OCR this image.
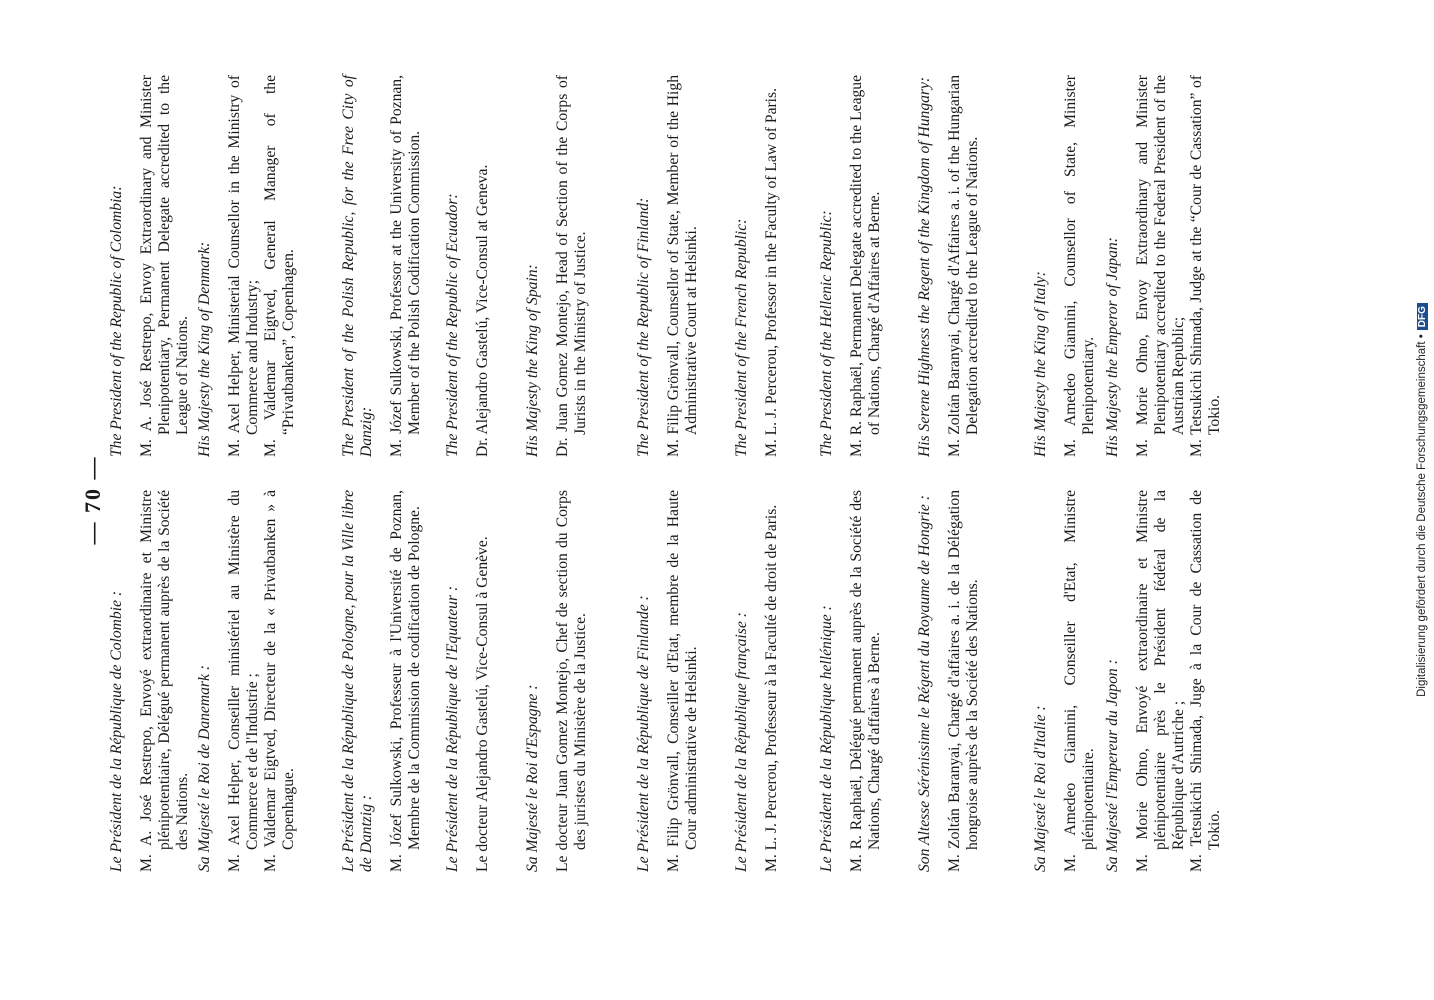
— 70 —

Le Président de la République de Colombie : M. A. José Restrepo, Envoyé extraordinaire et Ministre plénipotentiaire, Délégué permanent auprès de la Société des Nations. Sa Majesté le Roi de Danemark : M. Axel Helper, Conseiller ministériel au Ministère du Commerce et de l'Industrie ; M. Valdemar Eigtved, Directeur de la « Privatbanken » à Copenhague.	Le Président de la République de Pologne, pour la Ville libre de Dantzig : M. Józef Sulkowski, Professeur à l'Université de Poznan, Membre de la Commission de codification de Pologne. Le Président de la République de l'Equateur : Le docteur Alejandro Gastelú, Vice-Consul à Genève. Sa Majesté le Roi d'Espagne : Le docteur Juan Gomez Montejo, Chef de section du Corps des juristes du Ministère de la Justice.	Le Président de la République de Finlande : M. Filip Grönvall, Conseiller d'Etat, membre de la Haute Cour administrative de Helsinki. Le Président de la République française : M. L. J. Percerou, Professeur à la Faculté de droit de Paris. Le Président de la République hellénique : M. R. Raphaël, Délégué permanent auprès de la Société des Nations, Chargé d'affaires à Berne. Son Altesse Sérénissime le Régent du Royaume de Hongrie : M. Zoltán Baranyai, Chargé d'affaires a. i. de la Délégation hongroise auprès de la Société des Nations.	Sa Majesté le Roi d'Italie : M. Amedeo Giannini, Conseiller d'Etat, Ministre plénipotentiaire. Sa Majesté l'Empereur du Japon : M. Morie Ohno, Envoyé extraordinaire et Ministre plénipotentiaire près le Président fédéral de la République d'Autriche ; M. Tetsukichi Shimada, Juge à la Cour de Cassation de Tokio.

The President of the Republic of Colombia: M. A. José Restrepo, Envoy Extraordinary and Minister Plenipotentiary, Permanent Delegate accredited to the League of Nations. His Majesty the King of Denmark: M. Axel Helper, Ministerial Counsellor in the Ministry of Commerce and Industry; M. Valdemar Eigtved, General Manager of the “Privatbanken”, Copenhagen.	The President of the Polish Republic, for the Free City of Danzig: M. Józef Sulkowski, Professor at the University of Poznan, Member of the Polish Codification Commission. The President of the Republic of Ecuador: Dr. Alejandro Gastelú, Vice-Consul at Geneva. His Majesty the King of Spain: Dr. Juan Gomez Montejo, Head of Section of the Corps of Jurists in the Ministry of Justice.	The President of the Republic of Finland: M. Filip Grönvall, Counsellor of State, Member of the High Administrative Court at Helsinki. The President of the French Republic: M. L. J. Percerou, Professor in the Faculty of Law of Paris. The President of the Hellenic Republic: M. R. Raphaël, Permanent Delegate accredited to the League of Nations, Chargé d'Affaires at Berne. His Serene Highness the Regent of the Kingdom of Hungary: M. Zoltán Baranyai, Chargé d'Affaires a. i. of the Hungarian Delegation accredited to the League of Nations.	His Majesty the King of Italy: M. Amedeo Giannini, Counsellor of State, Minister Plenipotentiary. His Majesty the Emperor of Japan: M. Morie Ohno, Envoy Extraordinary and Minister Plenipotentiary accredited to the Federal President of the Austrian Republic; M. Tetsukichi Shimada, Judge at the “Cour de Cassation” of Tokio.	Digitalisierung gefördert durch die Deutsche Forschungsgemeinschaft •DFG
